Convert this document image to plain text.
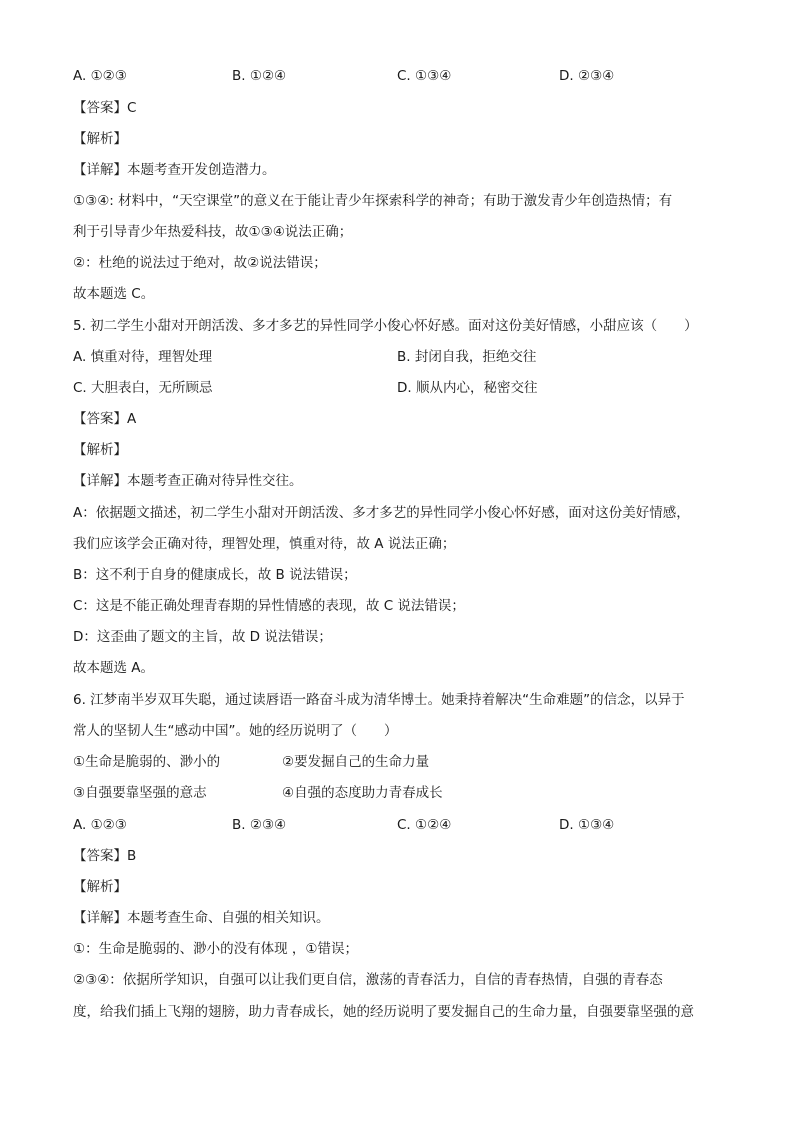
A. ①②③	B. ①②④	C. ①③④	D. ②③④
【答案】C
【解析】
【详解】本题考查开发创造潜力。
①③④: 材料中，“天空课堂”的意义在于能让青少年探索科学的神奇；有助于激发青少年创造热情；有
利于引导青少年热爱科技，故①③④说法正确；
②：杜绝的说法过于绝对，故②说法错误；
故本题选 C。
5. 初二学生小甜对开朗活泼、多才多艺的异性同学小俊心怀好感。面对这份美好情感，小甜应该（　　）
A. 慎重对待，理智处理	B. 封闭自我，拒绝交往
C. 大胆表白，无所顾忌	D. 顺从内心，秘密交往
【答案】A
【解析】
【详解】本题考查正确对待异性交往。
A：依据题文描述，初二学生小甜对开朗活泼、多才多艺的异性同学小俊心怀好感，面对这份美好情感，
我们应该学会正确对待，理智处理，慎重对待，故 A 说法正确；
B：这不利于自身的健康成长，故 B 说法错误；
C：这是不能正确处理青春期的异性情感的表现，故 C 说法错误；
D：这歪曲了题文的主旨，故 D 说法错误；
故本题选 A。
6. 江梦南半岁双耳失聪，通过读唇语一路奋斗成为清华博士。她秉持着解决“生命难题”的信念，以异于
常人的坚韧人生“感动中国”。她的经历说明了（　　）
①生命是脆弱的、渺小的	②要发掘自己的生命力量
③自强要靠坚强的意志	④自强的态度助力青春成长
A. ①②③	B. ②③④	C. ①②④	D. ①③④
【答案】B
【解析】
【详解】本题考查生命、自强的相关知识。
①：生命是脆弱的、渺小的没有体现 ，①错误；
②③④：依据所学知识，自强可以让我们更自信，激荡的青春活力，自信的青春热情，自强的青春态
度，给我们插上飞翔的翅膀，助力青春成长，她的经历说明了要发掘自己的生命力量，自强要靠坚强的意
